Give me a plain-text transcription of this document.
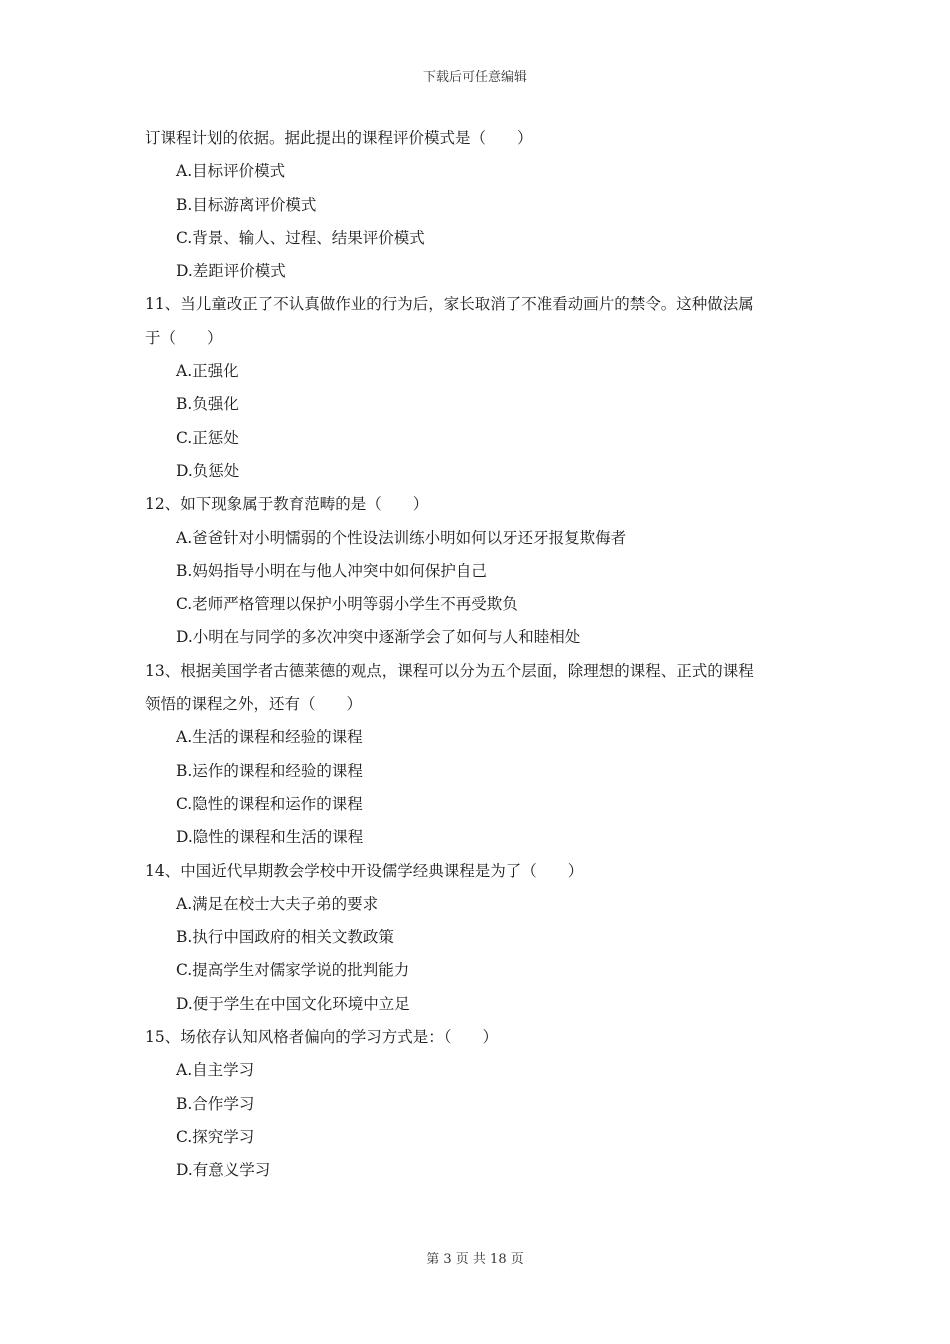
下载后可任意编辑
订课程计划的依据。据此提出的课程评价模式是（　　）
A.目标评价模式
B.目标游离评价模式
C.背景、输人、过程、结果评价模式
D.差距评价模式
11、当儿童改正了不认真做作业的行为后，家长取消了不准看动画片的禁令。这种做法属
于（　　）
A.正强化
B.负强化
C.正惩处
D.负惩处
12、如下现象属于教育范畴的是（　　）
A.爸爸针对小明懦弱的个性设法训练小明如何以牙还牙报复欺侮者
B.妈妈指导小明在与他人冲突中如何保护自己
C.老师严格管理以保护小明等弱小学生不再受欺负
D.小明在与同学的多次冲突中逐渐学会了如何与人和睦相处
13、根据美国学者古德莱德的观点，课程可以分为五个层面，除理想的课程、正式的课程
领悟的课程之外，还有（　　）
A.生活的课程和经验的课程
B.运作的课程和经验的课程
C.隐性的课程和运作的课程
D.隐性的课程和生活的课程
14、中国近代早期教会学校中开设儒学经典课程是为了（　　）
A.满足在校士大夫子弟的要求
B.执行中国政府的相关文教政策
C.提高学生对儒家学说的批判能力
D.便于学生在中国文化环境中立足
15、场依存认知风格者偏向的学习方式是：（　　）
A.自主学习
B.合作学习
C.探究学习
D.有意义学习
第 3 页 共 18 页
